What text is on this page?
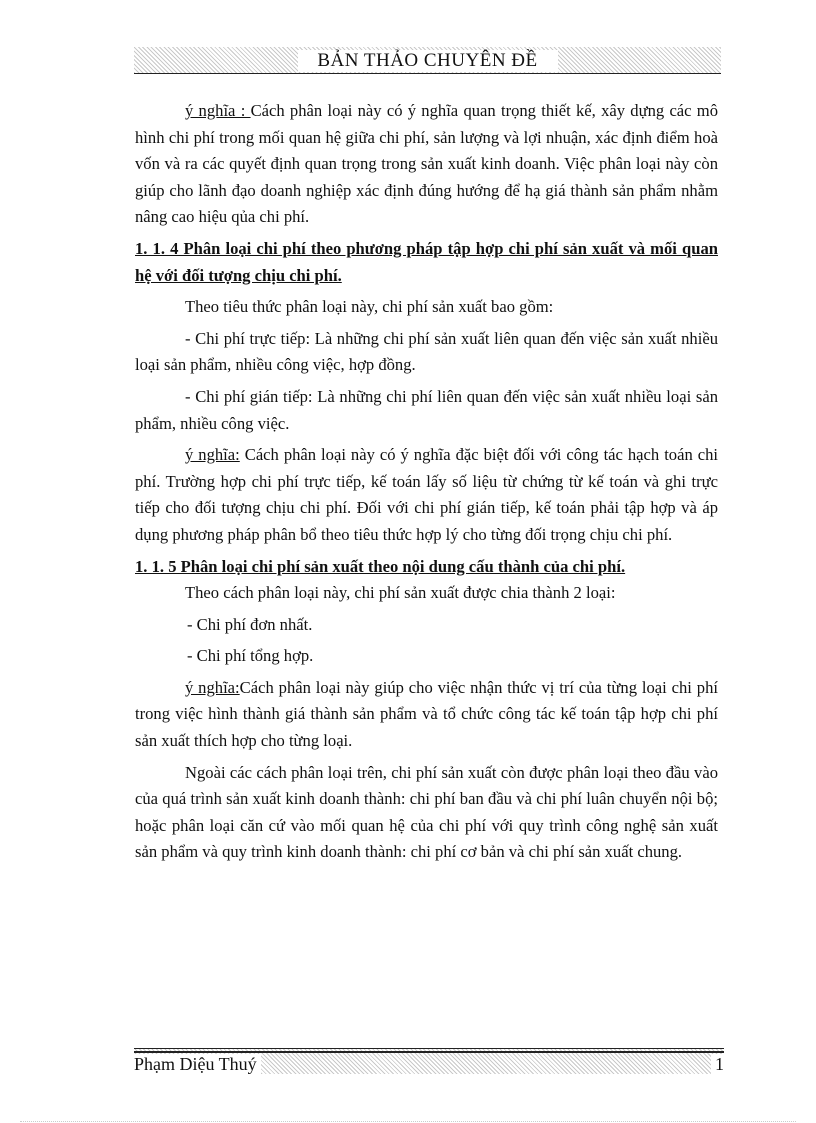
BẢN THẢO CHUYÊN ĐỀ

ý nghĩa : Cách phân loại này có ý nghĩa quan trọng thiết kế, xây dựng các mô hình chi phí trong mối quan hệ giữa chi phí, sản lượng và lợi nhuận, xác định điểm hoà vốn và ra các quyết định quan trọng trong sản xuất kinh doanh. Việc phân loại này còn giúp cho lãnh đạo doanh nghiệp xác định đúng hướng để hạ giá thành sản phẩm nhằm nâng cao hiệu qủa chi phí.

1. 1. 4 Phân loại chi phí theo phương pháp tập hợp chi phí sản xuất và mối quan hệ với đối tượng chịu chi phí.

Theo tiêu thức phân loại này, chi phí sản xuất bao gồm:

- Chi phí trực tiếp: Là những chi phí sản xuất liên quan đến việc sản xuất nhiều loại sản phẩm, nhiều công việc, hợp đồng.

- Chi phí gián tiếp: Là những chi phí liên quan đến việc sản xuất nhiều loại sản phẩm, nhiều công việc.

ý nghĩa: Cách phân loại này có ý nghĩa đặc biệt đối với công tác hạch toán chi phí. Trường hợp chi phí trực tiếp, kế toán lấy số liệu từ chứng từ kế toán và ghi trực tiếp cho đối tượng chịu chi phí. Đối với chi phí gián tiếp, kế toán phải tập hợp và áp dụng phương pháp phân bổ theo tiêu thức hợp lý cho từng đối trọng chịu chi phí.

1. 1. 5 Phân loại chi phí sản xuất theo nội dung cấu thành của chi phí.

Theo cách phân loại này, chi phí sản xuất được chia thành 2 loại:

- Chi phí đơn nhất.

- Chi phí tổng hợp.

ý nghĩa:Cách phân loại này giúp cho việc nhận thức vị trí của từng loại chi phí trong việc hình thành giá thành sản phẩm và tổ chức công tác kế toán tập hợp chi phí sản xuất thích hợp cho từng loại.

Ngoài các cách phân loại trên, chi phí sản xuất còn được phân loại theo đầu vào của quá trình sản xuất kinh doanh thành: chi phí ban đầu và chi phí luân chuyển nội bộ; hoặc phân loại căn cứ vào mối quan hệ của chi phí với quy trình công nghệ sản xuất sản phẩm và quy trình kinh doanh thành: chi phí cơ bản và chi phí sản xuất chung.

Phạm Diệu Thuý	1
